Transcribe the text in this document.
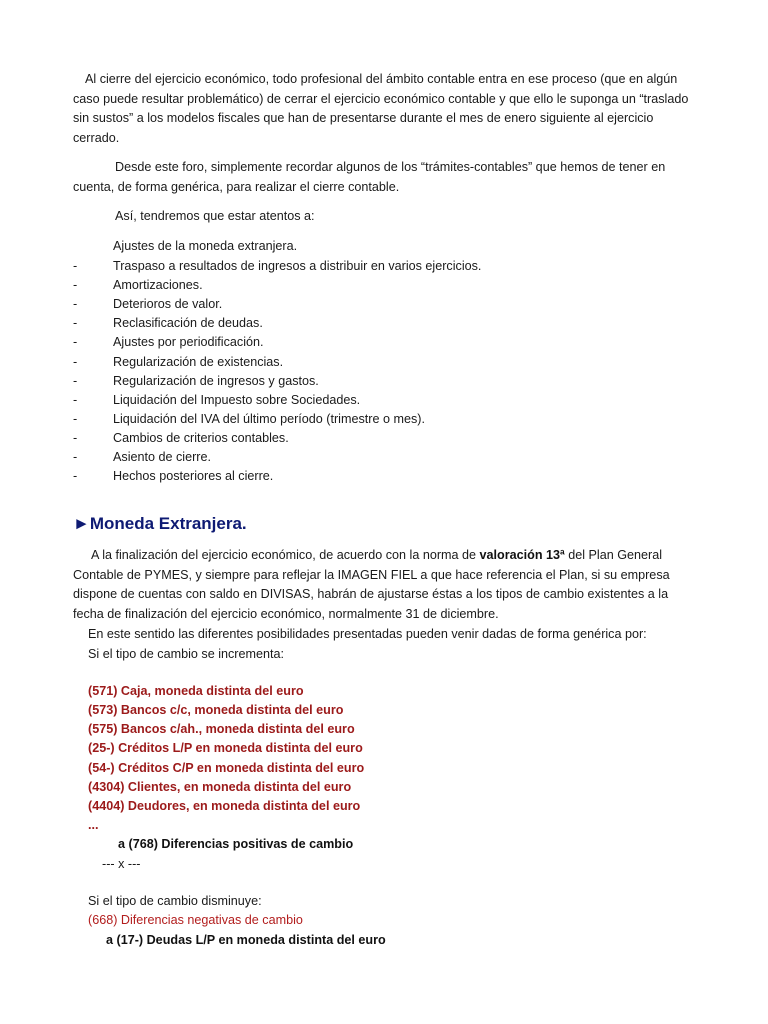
Al cierre del ejercicio económico, todo profesional del ámbito contable entra en ese proceso (que en algún caso puede resultar problemático) de cerrar el ejercicio económico contable y que ello le suponga un “traslado sin sustos” a los modelos fiscales que han de presentarse durante el mes de enero siguiente al ejercicio cerrado.

Desde este foro, simplemente recordar algunos de los “trámites-contables” que hemos de tener en cuenta, de forma genérica, para realizar el cierre contable.

Así, tendremos que estar atentos a:
Ajustes de la moneda extranjera.
-	Traspaso a resultados de ingresos a distribuir en varios ejercicios.
-	Amortizaciones.
-	Deterioros de valor.
-	Reclasificación de deudas.
-	Ajustes por periodificación.
-	Regularización de existencias.
-	Regularización de ingresos y gastos.
-	Liquidación del Impuesto sobre Sociedades.
-	Liquidación del IVA del último período (trimestre o mes).
-	Cambios de criterios contables.
-	Asiento de cierre.
-	Hechos posteriores al cierre.
►Moneda Extranjera.

A la finalización del ejercicio económico, de acuerdo con la norma de valoración 13ª del Plan General Contable de PYMES, y siempre para reflejar la IMAGEN FIEL a que hace referencia el Plan, si su empresa dispone de cuentas con saldo en DIVISAS, habrán de ajustarse éstas a los tipos de cambio existentes a la fecha de finalización del ejercicio económico, normalmente 31 de diciembre.

En este sentido las diferentes posibilidades presentadas pueden venir dadas de forma genérica por:
Si el tipo de cambio se incrementa:
(571) Caja, moneda distinta del euro
(573) Bancos c/c, moneda distinta del euro
(575) Bancos c/ah., moneda distinta del euro
(25-) Créditos L/P en moneda distinta del euro
(54-) Créditos C/P en moneda distinta del euro
(4304) Clientes, en moneda distinta del euro
(4404) Deudores, en moneda distinta del euro
...
a (768) Diferencias positivas de cambio
--- x ---
Si el tipo de cambio disminuye:
(668) Diferencias negativas de cambio
a (17-) Deudas L/P en moneda distinta del euro
